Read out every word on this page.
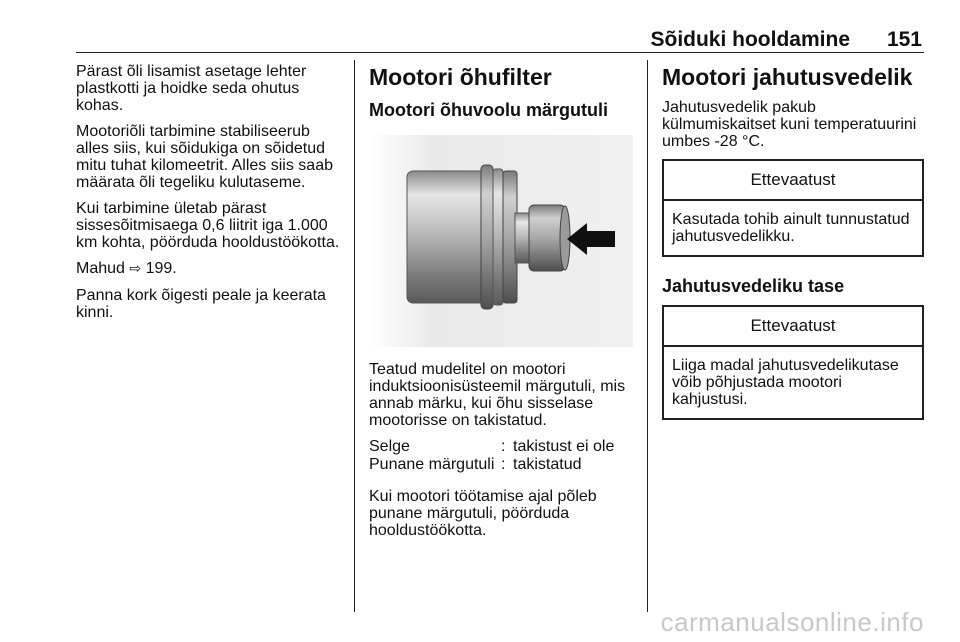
Sõiduki hooldamine 151

Pärast õli lisamist asetage lehter plastkotti ja hoidke seda ohutus kohas.

Mootoriõli tarbimine stabiliseerub alles siis, kui sõidukiga on sõidetud mitu tuhat kilomeetrit. Alles siis saab määrata õli tegeliku kulutaseme.

Kui tarbimine ületab pärast sissesõitmisaega 0,6 liitrit iga 1.000 km kohta, pöörduda hooldustöökotta.

Mahud ⇨ 199.

Panna kork õigesti peale ja keerata kinni.

Mootori õhufilter
Mootori õhuvoolu märgutuli

Teatud mudelitel on mootori induktsioonisüsteemil märgutuli, mis annab märku, kui õhu sisselase mootorisse on takistatud.

Selge	:	takistust ei ole
Punane märgutuli	:	takistatud

Kui mootori töötamise ajal põleb punane märgutuli, pöörduda hooldustöökotta.

Mootori jahutusvedelik

Jahutusvedelik pakub külmumiskaitset kuni temperatuurini umbes -28 °C.

Ettevaatust
Kasutada tohib ainult tunnustatud jahutusvedelikku.
Jahutusvedeliku tase
Ettevaatust
Liiga madal jahutusvedelikutase võib põhjustada mootori kahjustusi.
carmanualsonline.info
